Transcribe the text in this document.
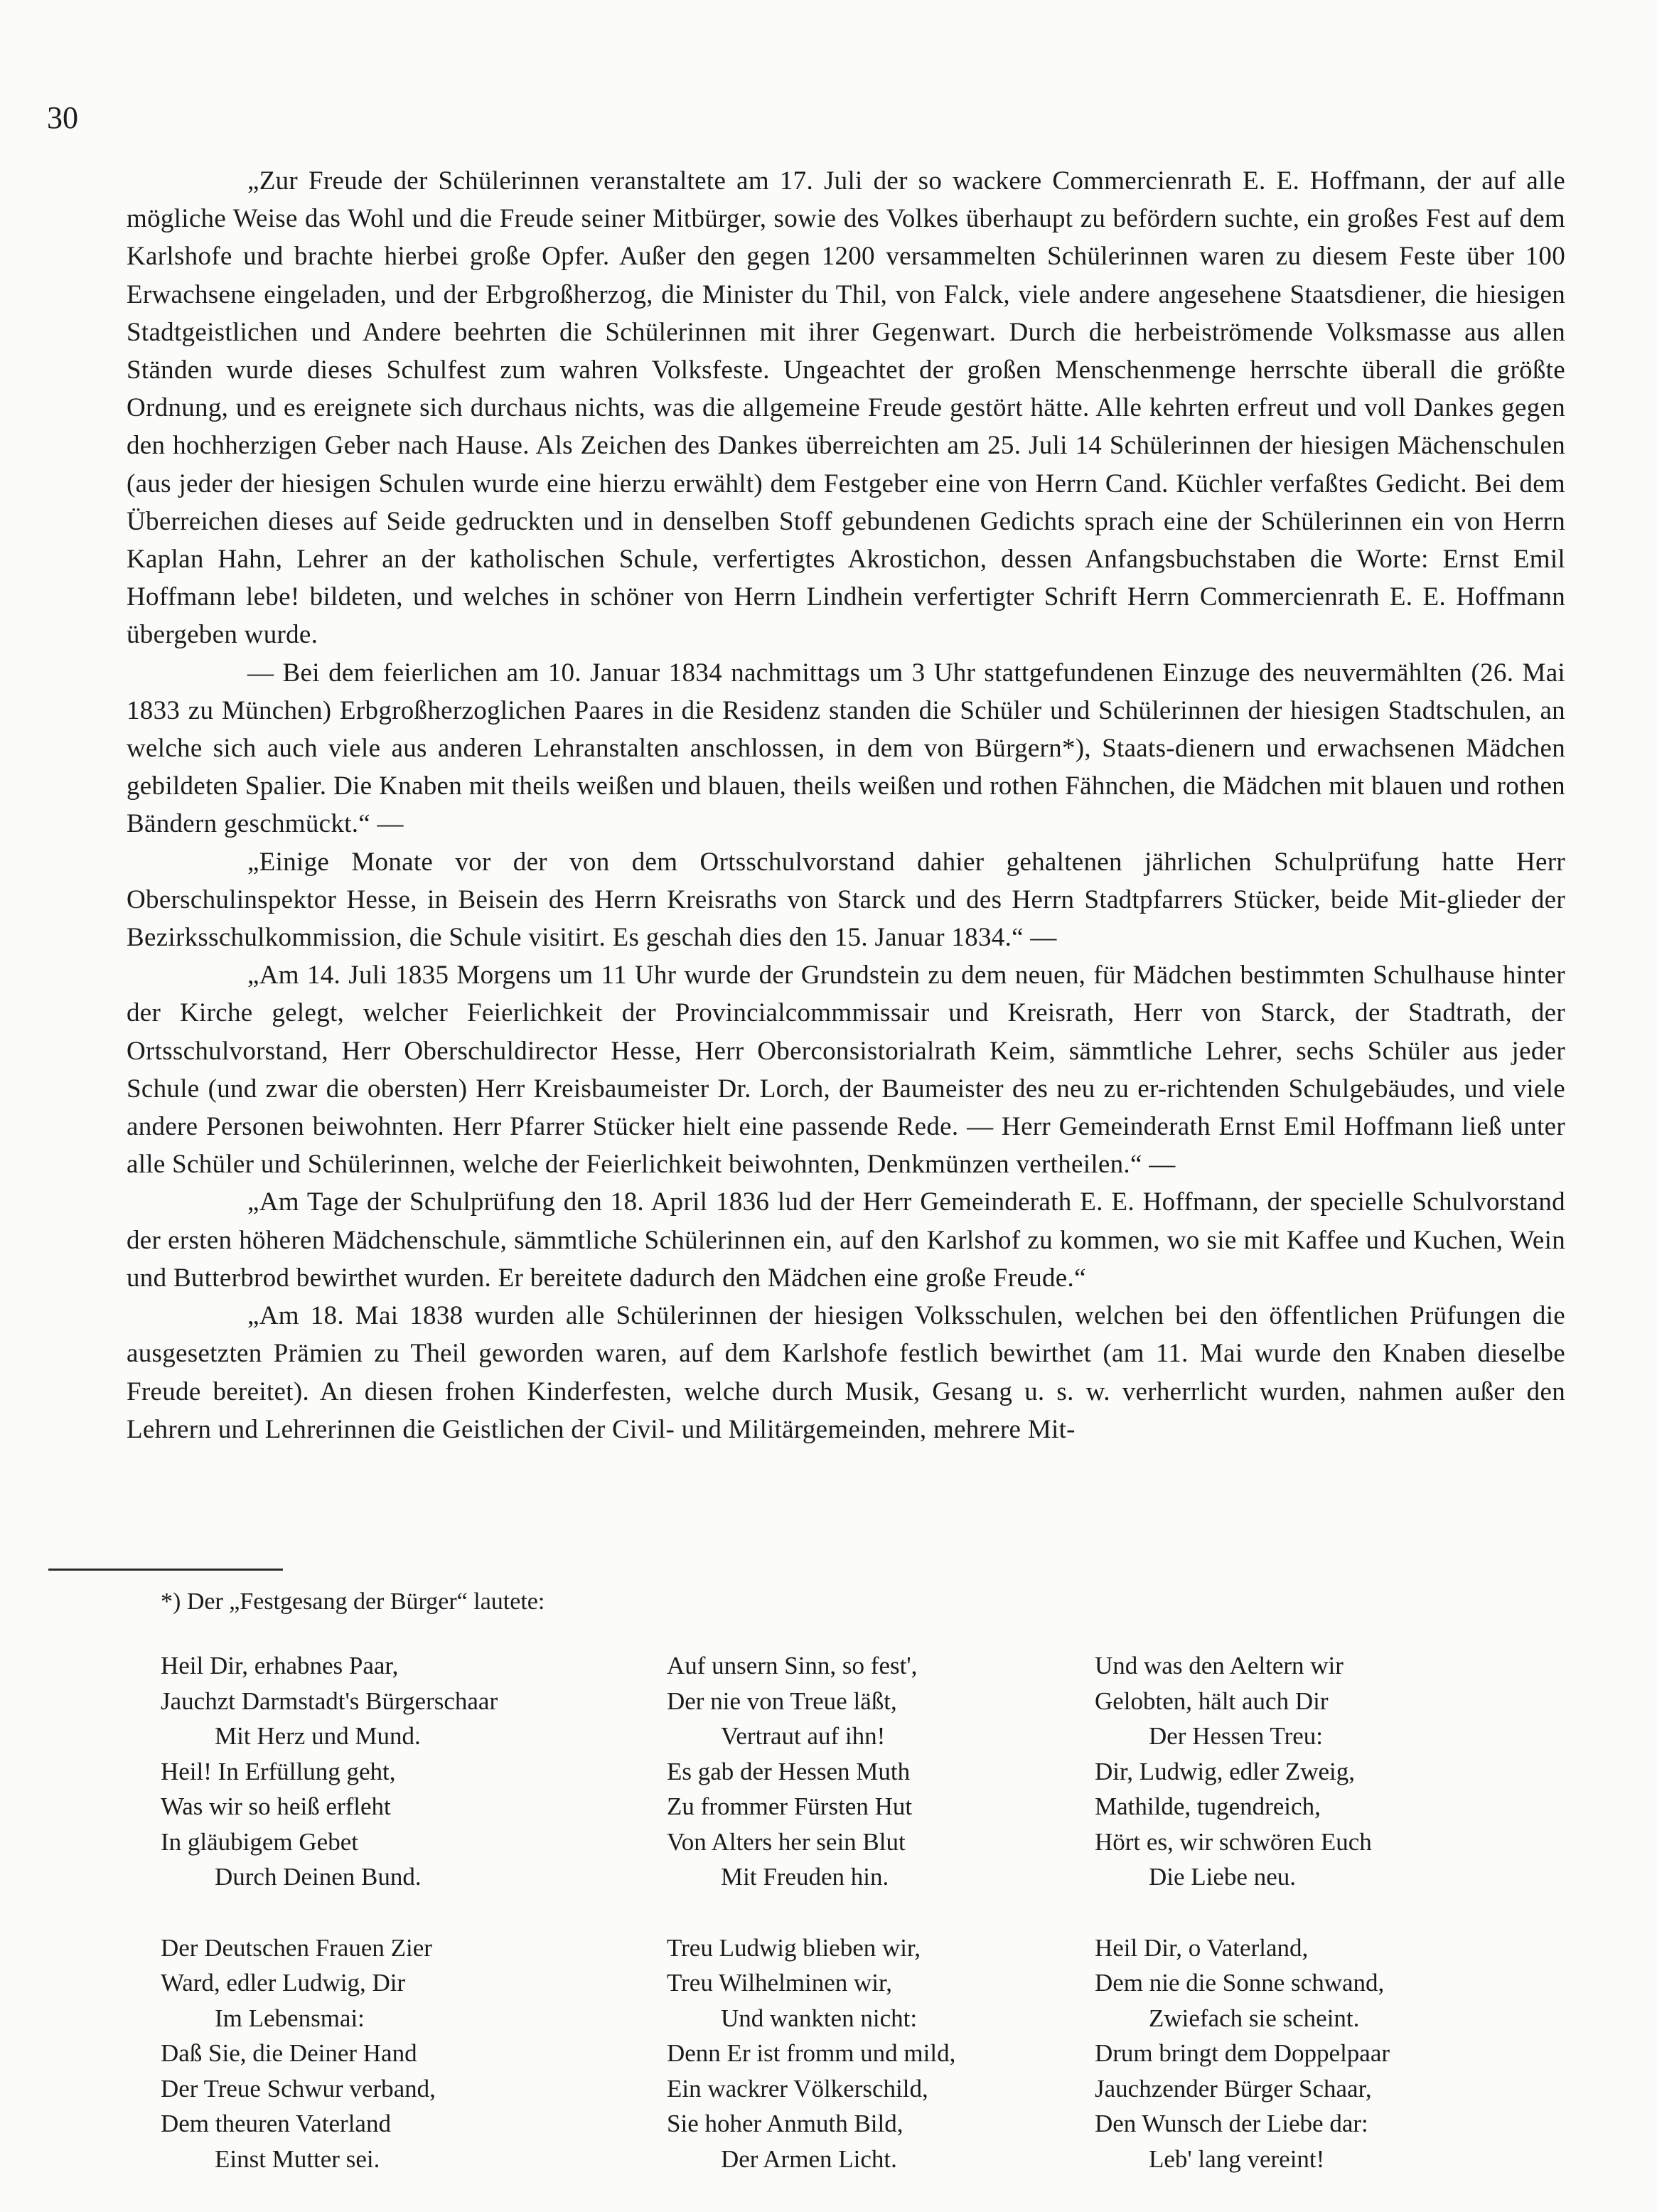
30

„Zur Freude der Schülerinnen veranstaltete am 17. Juli der so wackere Commercienrath E. E. Hoffmann, der auf alle mögliche Weise das Wohl und die Freude seiner Mitbürger, sowie des Volkes überhaupt zu befördern suchte, ein großes Fest auf dem Karlshofe und brachte hierbei große Opfer. Außer den gegen 1200 versammelten Schülerinnen waren zu diesem Feste über 100 Erwachsene eingeladen, und der Erbgroßherzog, die Minister du Thil, von Falck, viele andere angesehene Staatsdiener, die hiesigen Stadtgeistlichen und Andere beehrten die Schülerinnen mit ihrer Gegenwart. Durch die herbeiströmende Volksmasse aus allen Ständen wurde dieses Schulfest zum wahren Volksfeste. Ungeachtet der großen Menschenmenge herrschte überall die größte Ordnung, und es ereignete sich durchaus nichts, was die allgemeine Freude gestört hätte. Alle kehrten erfreut und voll Dankes gegen den hochherzigen Geber nach Hause. Als Zeichen des Dankes überreichten am 25. Juli 14 Schülerinnen der hiesigen Mächenschulen (aus jeder der hiesigen Schulen wurde eine hierzu erwählt) dem Festgeber eine von Herrn Cand. Küchler verfaßtes Gedicht. Bei dem Überreichen dieses auf Seide gedruckten und in denselben Stoff gebundenen Gedichts sprach eine der Schülerinnen ein von Herrn Kaplan Hahn, Lehrer an der katholischen Schule, verfertigtes Akrostichon, dessen Anfangsbuchstaben die Worte: Ernst Emil Hoffmann lebe! bildeten, und welches in schöner von Herrn Lindhein verfertigter Schrift Herrn Commercienrath E. E. Hoffmann übergeben wurde.

— Bei dem feierlichen am 10. Januar 1834 nachmittags um 3 Uhr stattgefundenen Einzuge des neuvermählten (26. Mai 1833 zu München) Erbgroßherzoglichen Paares in die Residenz standen die Schüler und Schülerinnen der hiesigen Stadtschulen, an welche sich auch viele aus anderen Lehranstalten anschlossen, in dem von Bürgern*), Staats-dienern und erwachsenen Mädchen gebildeten Spalier. Die Knaben mit theils weißen und blauen, theils weißen und rothen Fähnchen, die Mädchen mit blauen und rothen Bändern geschmückt.“ —

„Einige Monate vor der von dem Ortsschulvorstand dahier gehaltenen jährlichen Schulprüfung hatte Herr Oberschulinspektor Hesse, in Beisein des Herrn Kreisraths von Starck und des Herrn Stadtpfarrers Stücker, beide Mit-glieder der Bezirksschulkommission, die Schule visitirt. Es geschah dies den 15. Januar 1834.“ —

„Am 14. Juli 1835 Morgens um 11 Uhr wurde der Grundstein zu dem neuen, für Mädchen bestimmten Schulhause hinter der Kirche gelegt, welcher Feierlichkeit der Provincialcommmissair und Kreisrath, Herr von Starck, der Stadtrath, der Ortsschulvorstand, Herr Oberschuldirector Hesse, Herr Oberconsistorialrath Keim, sämmtliche Lehrer, sechs Schüler aus jeder Schule (und zwar die obersten) Herr Kreisbaumeister Dr. Lorch, der Baumeister des neu zu er-richtenden Schulgebäudes, und viele andere Personen beiwohnten. Herr Pfarrer Stücker hielt eine passende Rede. — Herr Gemeinderath Ernst Emil Hoffmann ließ unter alle Schüler und Schülerinnen, welche der Feierlichkeit beiwohnten, Denkmünzen vertheilen.“ —

„Am Tage der Schulprüfung den 18. April 1836 lud der Herr Gemeinderath E. E. Hoffmann, der specielle Schulvorstand der ersten höheren Mädchenschule, sämmtliche Schülerinnen ein, auf den Karlshof zu kommen, wo sie mit Kaffee und Kuchen, Wein und Butterbrod bewirthet wurden. Er bereitete dadurch den Mädchen eine große Freude.“

„Am 18. Mai 1838 wurden alle Schülerinnen der hiesigen Volksschulen, welchen bei den öffentlichen Prüfungen die ausgesetzten Prämien zu Theil geworden waren, auf dem Karlshofe festlich bewirthet (am 11. Mai wurde den Knaben dieselbe Freude bereitet). An diesen frohen Kinderfesten, welche durch Musik, Gesang u. s. w. verherrlicht wurden, nahmen außer den Lehrern und Lehrerinnen die Geistlichen der Civil- und Militärgemeinden, mehrere Mit-

*) Der „Festgesang der Bürger“ lautete:
Heil Dir, erhabnes Paar,
Jauchzt Darmstadt's Bürgerschaar
Mit Herz und Mund.
Heil! In Erfüllung geht,
Was wir so heiß erfleht
In gläubigem Gebet
Durch Deinen Bund.
Der Deutschen Frauen Zier
Ward, edler Ludwig, Dir
Im Lebensmai:
Daß Sie, die Deiner Hand
Der Treue Schwur verband,
Dem theuren Vaterland
Einst Mutter sei.
Auf unsern Sinn, so fest',
Der nie von Treue läßt,
Vertraut auf ihn!
Es gab der Hessen Muth
Zu frommer Fürsten Hut
Von Alters her sein Blut
Mit Freuden hin.
Treu Ludwig blieben wir,
Treu Wilhelminen wir,
Und wankten nicht:
Denn Er ist fromm und mild,
Ein wackrer Völkerschild,
Sie hoher Anmuth Bild,
Der Armen Licht.
Und was den Aeltern wir
Gelobten, hält auch Dir
Der Hessen Treu:
Dir, Ludwig, edler Zweig,
Mathilde, tugendreich,
Hört es, wir schwören Euch
Die Liebe neu.
Heil Dir, o Vaterland,
Dem nie die Sonne schwand,
Zwiefach sie scheint.
Drum bringt dem Doppelpaar
Jauchzender Bürger Schaar,
Den Wunsch der Liebe dar:
Leb' lang vereint!
